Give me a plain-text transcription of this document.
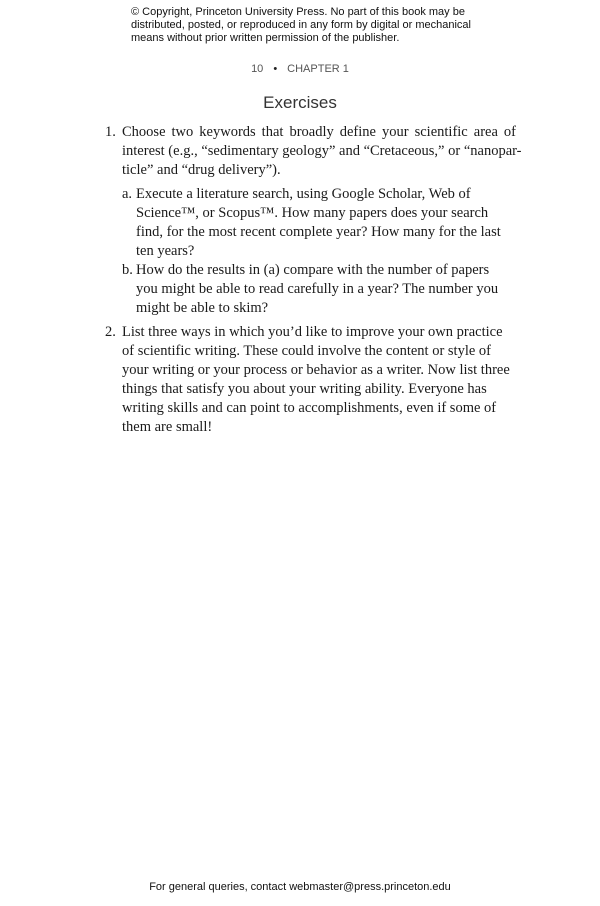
© Copyright, Princeton University Press. No part of this book may be
distributed, posted, or reproduced in any form by digital or mechanical
means without prior written permission of the publisher.
10 • CHAPTER 1
Exercises
1. Choose two keywords that broadly define your scientific area of
interest (e.g., “sedimentary geology” and “Cretaceous,” or “nanopar-
ticle” and “drug delivery”).
a. Execute a literature search, using Google Scholar, Web of
Science™, or Scopus™. How many papers does your search
find, for the most recent complete year? How many for the last
ten years?
b. How do the results in (a) compare with the number of papers
you might be able to read carefully in a year? The number you
might be able to skim?
2. List three ways in which you’d like to improve your own practice
of scientific writing. These could involve the content or style of
your writing or your process or behavior as a writer. Now list three
things that satisfy you about your writing ability. Everyone has
writing skills and can point to accomplishments, even if some of
them are small!
For general queries, contact webmaster@press.princeton.edu
